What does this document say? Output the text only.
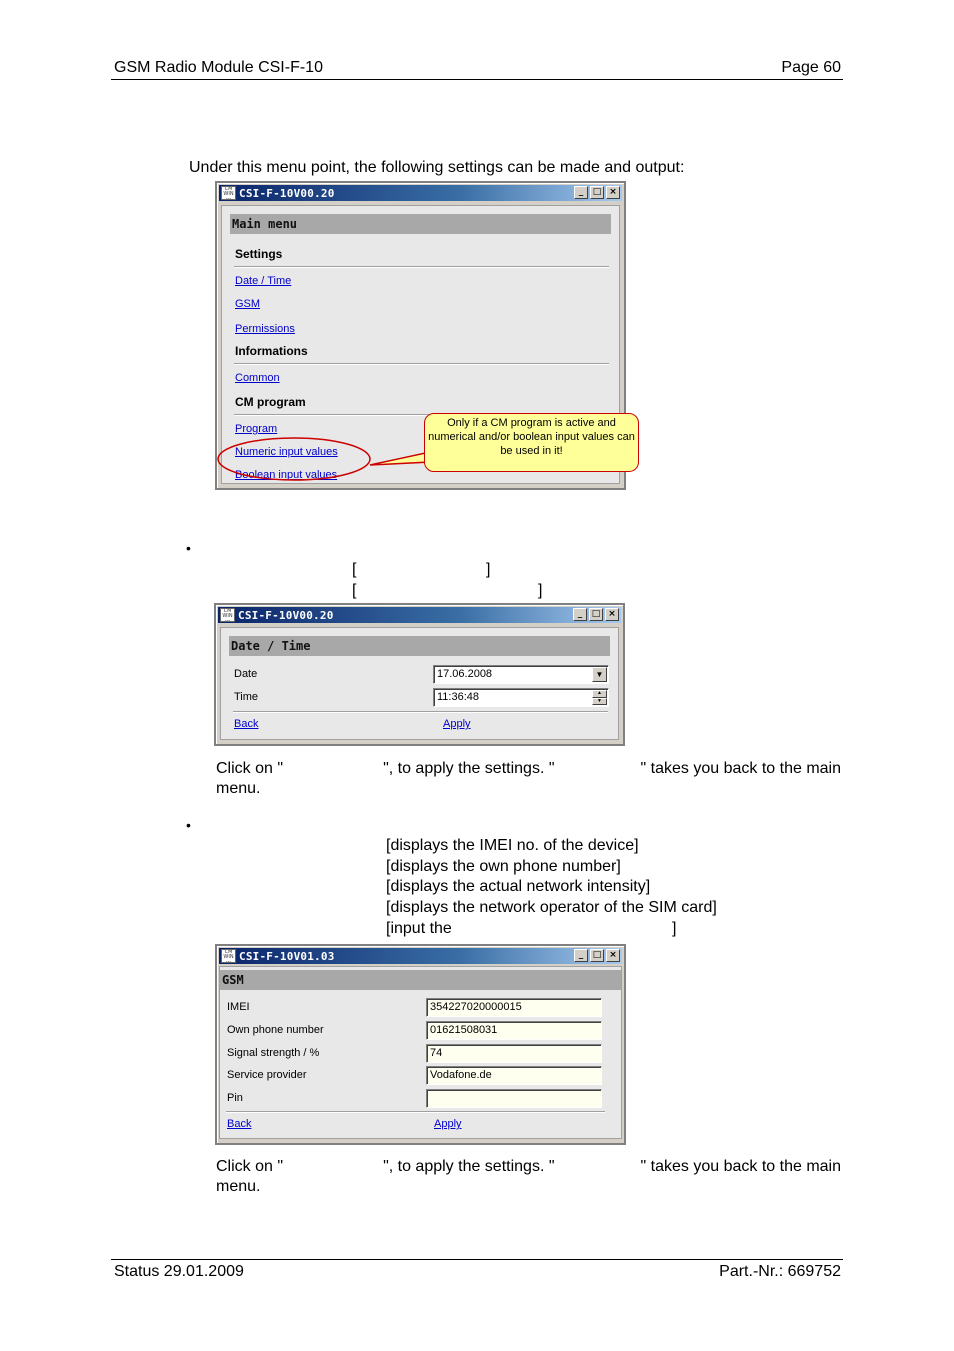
GSM Radio Module CSI-F-10	Page 60
Under this menu point, the following settings can be made and output:
CM
WIN
--- CSI-F-10V00.20	_	□ ×
Main menu
Settings
Date / Time
GSM
Permissions
Informations
Common
CM program
Program
Numeric input values
Boolean input values
Only if a CM program is active and numerical and/or boolean input values can be used in it!
•
[	]
[	]
CM
WIN
--- CSI-F-10V00.20	_	□ ×
Date / Time
Date	17.06.2008	▼
Time	11:36:48	▲
▼
Back	Apply
Click on "	", to apply the settings. "	" takes you back to the main
menu.
•
[displays the IMEI no. of the device]
[displays the own phone number]
[displays the actual network intensity]
[displays the network operator of the SIM card]
[input the	]
CM
WIN
--- CSI-F-10V01.03	_	□ ×
GSM
IMEI	354227020000015
Own phone number	01621508031
Signal strength / %	74
Service provider	Vodafone.de
Pin
Back	Apply
Click on "	", to apply the settings. "	" takes you back to the main
menu.
Status 29.01.2009	Part.-Nr.: 669752
